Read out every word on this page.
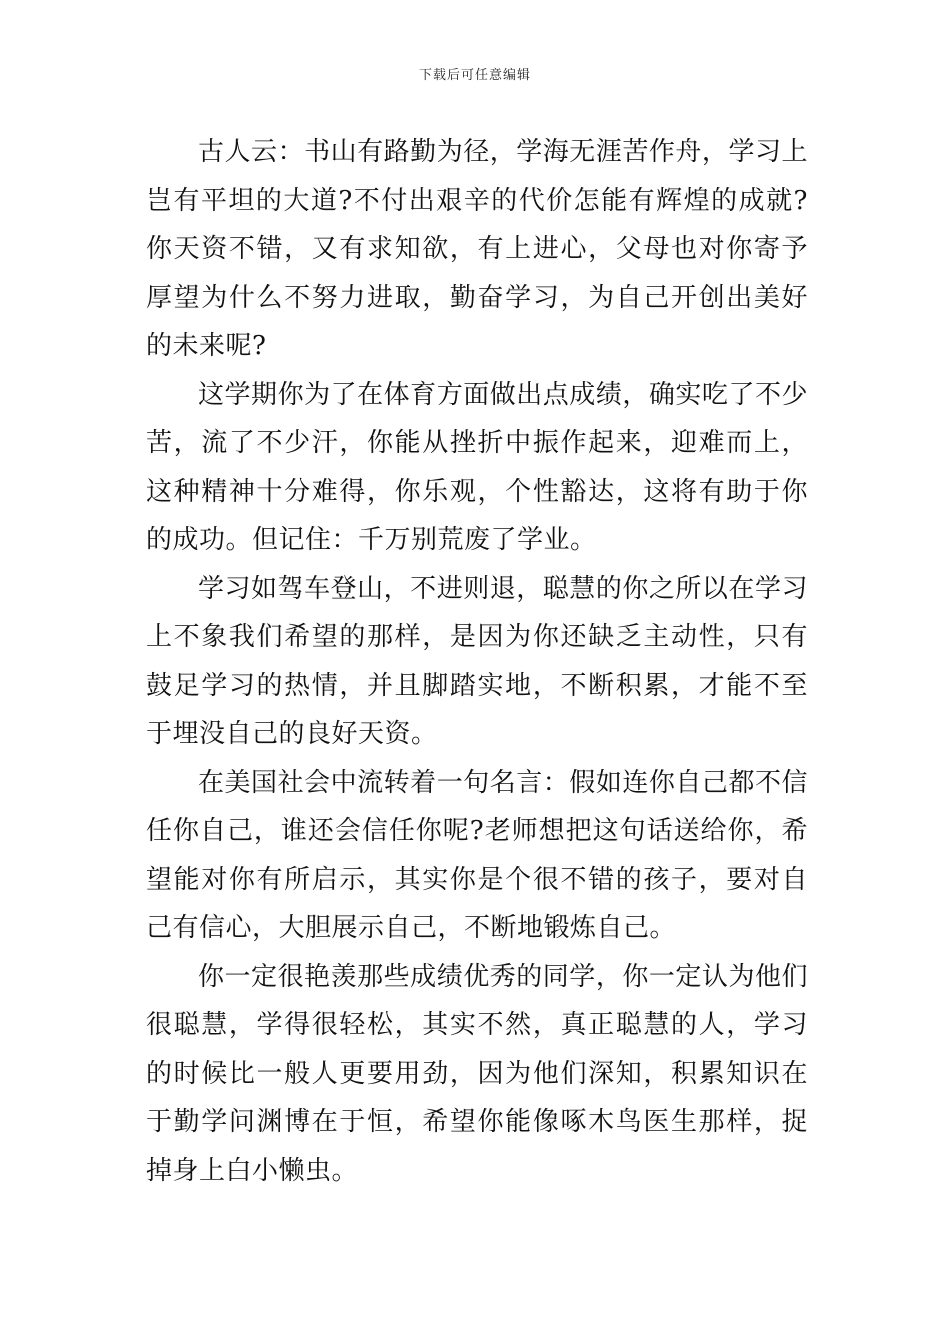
下载后可任意编辑

古人云：书山有路勤为径，学海无涯苦作舟，学习上岂有平坦的大道?不付出艰辛的代价怎能有辉煌的成就?你天资不错，又有求知欲，有上进心，父母也对你寄予厚望为什么不努力进取，勤奋学习，为自己开创出美好的未来呢?

这学期你为了在体育方面做出点成绩，确实吃了不少苦，流了不少汗，你能从挫折中振作起来，迎难而上，这种精神十分难得，你乐观，个性豁达，这将有助于你的成功。但记住：千万别荒废了学业。

学习如驾车登山，不进则退，聪慧的你之所以在学习上不象我们希望的那样，是因为你还缺乏主动性，只有鼓足学习的热情，并且脚踏实地，不断积累，才能不至于埋没自己的良好天资。

在美国社会中流转着一句名言：假如连你自己都不信任你自己，谁还会信任你呢?老师想把这句话送给你，希望能对你有所启示，其实你是个很不错的孩子，要对自己有信心，大胆展示自己，不断地锻炼自己。

你一定很艳羡那些成绩优秀的同学，你一定认为他们很聪慧，学得很轻松，其实不然，真正聪慧的人，学习的时候比一般人更要用劲，因为他们深知，积累知识在于勤学问渊博在于恒，希望你能像啄木鸟医生那样，捉掉身上白小懒虫。
